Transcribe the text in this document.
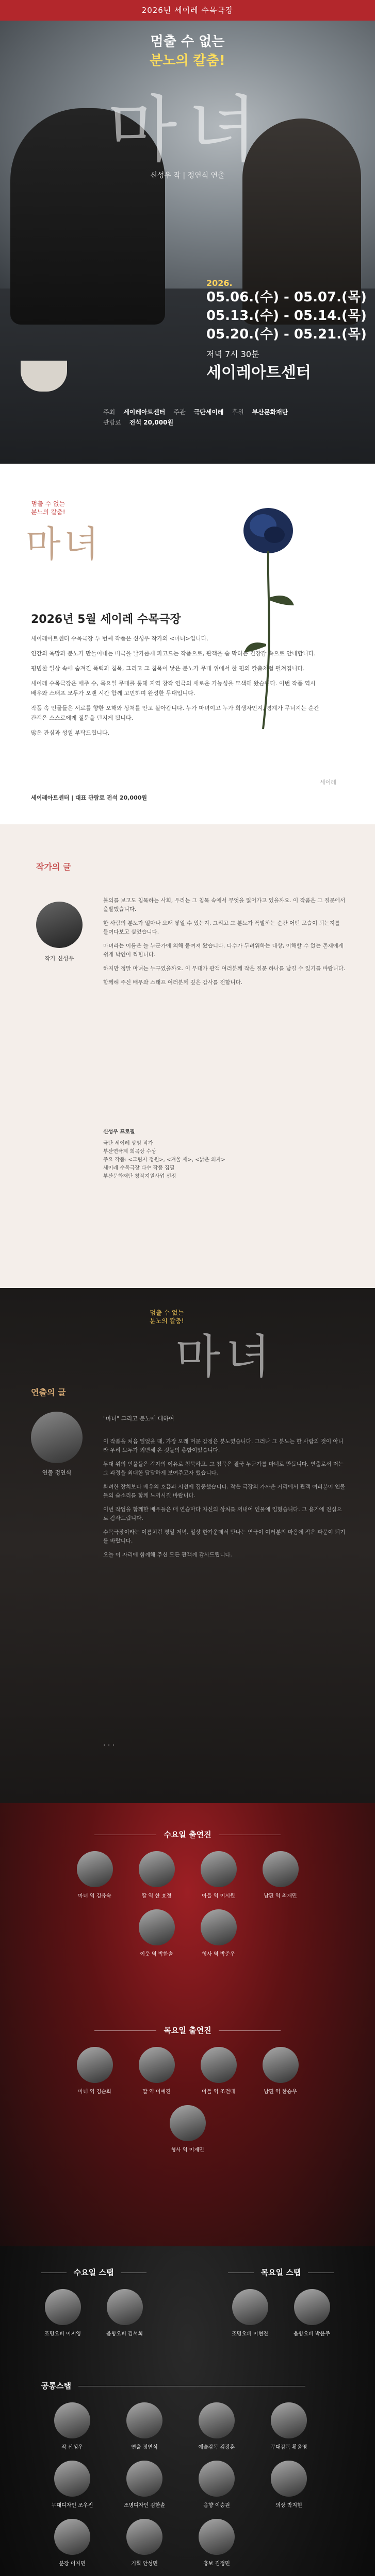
2026년 세이레 수목극장
멈출 수 없는
분노의 칼춤!
마녀
신성우 작 | 정연식 연출
2026.
05.06.(수) - 05.07.(목)
05.13.(수) - 05.14.(목)
05.20.(수) - 05.21.(목)
저녁 7시 30분
세이레아트센터
주최 세이레아트센터 주관 극단세이레 후원 부산문화재단
관람료 전석 20,000원
멈출 수 없는
분노의 칼춤!
마녀
2026년 5월 세이레 수목극장

세이레아트센터 수목극장 두 번째 작품은 신성우 작가의 <마녀>입니다.

인간의 욕망과 분노가 만들어내는 비극을 날카롭게 파고드는 작품으로, 관객을 숨 막히는 긴장감 속으로 안내합니다.

평범한 일상 속에 숨겨진 폭력과 침묵, 그리고 그 침묵이 낳은 분노가 무대 위에서 한 편의 칼춤처럼 펼쳐집니다.

세이레 수목극장은 매주 수, 목요일 무대를 통해 지역 창작 연극의 새로운 가능성을 모색해 왔습니다. 이번 작품 역시 배우와 스태프 모두가 오랜 시간 함께 고민하며 완성한 무대입니다.

작품 속 인물들은 서로를 향한 오해와 상처를 안고 살아갑니다. 누가 마녀이고 누가 희생자인지, 경계가 무너지는 순간 관객은 스스로에게 질문을 던지게 됩니다.

많은 관심과 성원 부탁드립니다.

세이레
세이레아트센터 | 대표 관람료 전석 20,000원
작가의 글
작가 신성우

불의를 보고도 침묵하는 사회, 우리는 그 침묵 속에서 무엇을 잃어가고 있을까요. 이 작품은 그 질문에서 출발했습니다.

한 사람의 분노가 얼마나 오래 쌓일 수 있는지, 그리고 그 분노가 폭발하는 순간 어떤 모습이 되는지를 들여다보고 싶었습니다.

마녀라는 이름은 늘 누군가에 의해 붙여져 왔습니다. 다수가 두려워하는 대상, 이해할 수 없는 존재에게 쉽게 낙인이 찍힙니다.

하지만 정말 마녀는 누구였을까요. 이 무대가 관객 여러분께 작은 질문 하나를 남길 수 있기를 바랍니다.

함께해 주신 배우와 스태프 여러분께 깊은 감사를 전합니다.

신성우 프로필
극단 세이레 상임 작가
부산연극제 희곡상 수상
주요 작품: <그림자 정원>, <겨울 새>, <낡은 의자>
세이레 수목극장 다수 작품 집필
부산문화재단 창작지원사업 선정
멈출 수 없는
분노의 칼춤!
마녀
연출의 글
연출 정연식
"마녀" 그리고 분노에 대하여

이 작품을 처음 읽었을 때, 가장 오래 머문 감정은 분노였습니다. 그러나 그 분노는 한 사람의 것이 아니라 우리 모두가 외면해 온 것들의 총합이었습니다.

무대 위의 인물들은 각자의 이유로 침묵하고, 그 침묵은 결국 누군가를 마녀로 만듭니다. 연출로서 저는 그 과정을 최대한 담담하게 보여주고자 했습니다.

화려한 장치보다 배우의 호흡과 시선에 집중했습니다. 작은 극장의 가까운 거리에서 관객 여러분이 인물들의 숨소리를 함께 느끼시길 바랍니다.

이번 작업을 함께한 배우들은 매 연습마다 자신의 상처를 꺼내어 인물에 입혔습니다. 그 용기에 진심으로 감사드립니다.

수목극장이라는 이름처럼 평일 저녁, 일상 한가운데서 만나는 연극이 여러분의 마음에 작은 파문이 되기를 바랍니다.

오늘 이 자리에 함께해 주신 모든 관객께 감사드립니다.

· · ·
수요일 출연진
마녀 역 김유숙	딸 역 한 효정	아들 역 이시원	남편 역 최재민
이웃 역 박한솔	형사 역 박준우
목요일 출연진
마녀 역 김순희	딸 역 이예진	아들 역 조건태	남편 역 한승우
형사 역 이재민
수요일 스탭
조명오퍼 이지영	음향오퍼 김서희
목요일 스탭
조명오퍼 이현진	음향오퍼 박윤주
공통스탭
작 신성우	연출 정연식	예술감독 김광훈	무대감독 황윤영
무대디자인 조우진	조명디자인 김한솔	음향 이승원	의상 박지현
분장 이지민	기획 안성민	홍보 김정민
